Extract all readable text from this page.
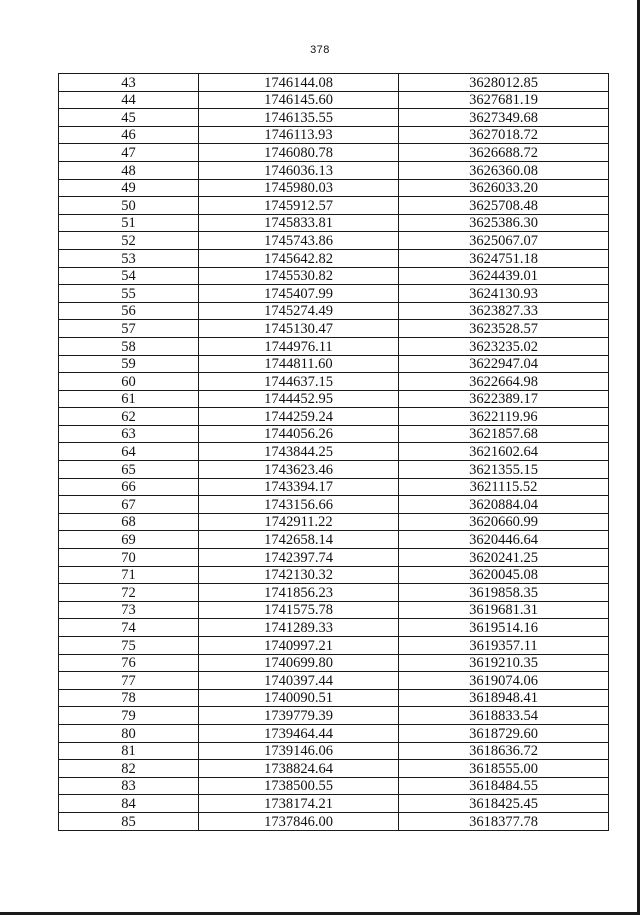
378
43	1746144.08	3628012.85
44	1746145.60	3627681.19
45	1746135.55	3627349.68
46	1746113.93	3627018.72
47	1746080.78	3626688.72
48	1746036.13	3626360.08
49	1745980.03	3626033.20
50	1745912.57	3625708.48
51	1745833.81	3625386.30
52	1745743.86	3625067.07
53	1745642.82	3624751.18
54	1745530.82	3624439.01
55	1745407.99	3624130.93
56	1745274.49	3623827.33
57	1745130.47	3623528.57
58	1744976.11	3623235.02
59	1744811.60	3622947.04
60	1744637.15	3622664.98
61	1744452.95	3622389.17
62	1744259.24	3622119.96
63	1744056.26	3621857.68
64	1743844.25	3621602.64
65	1743623.46	3621355.15
66	1743394.17	3621115.52
67	1743156.66	3620884.04
68	1742911.22	3620660.99
69	1742658.14	3620446.64
70	1742397.74	3620241.25
71	1742130.32	3620045.08
72	1741856.23	3619858.35
73	1741575.78	3619681.31
74	1741289.33	3619514.16
75	1740997.21	3619357.11
76	1740699.80	3619210.35
77	1740397.44	3619074.06
78	1740090.51	3618948.41
79	1739779.39	3618833.54
80	1739464.44	3618729.60
81	1739146.06	3618636.72
82	1738824.64	3618555.00
83	1738500.55	3618484.55
84	1738174.21	3618425.45
85	1737846.00	3618377.78
